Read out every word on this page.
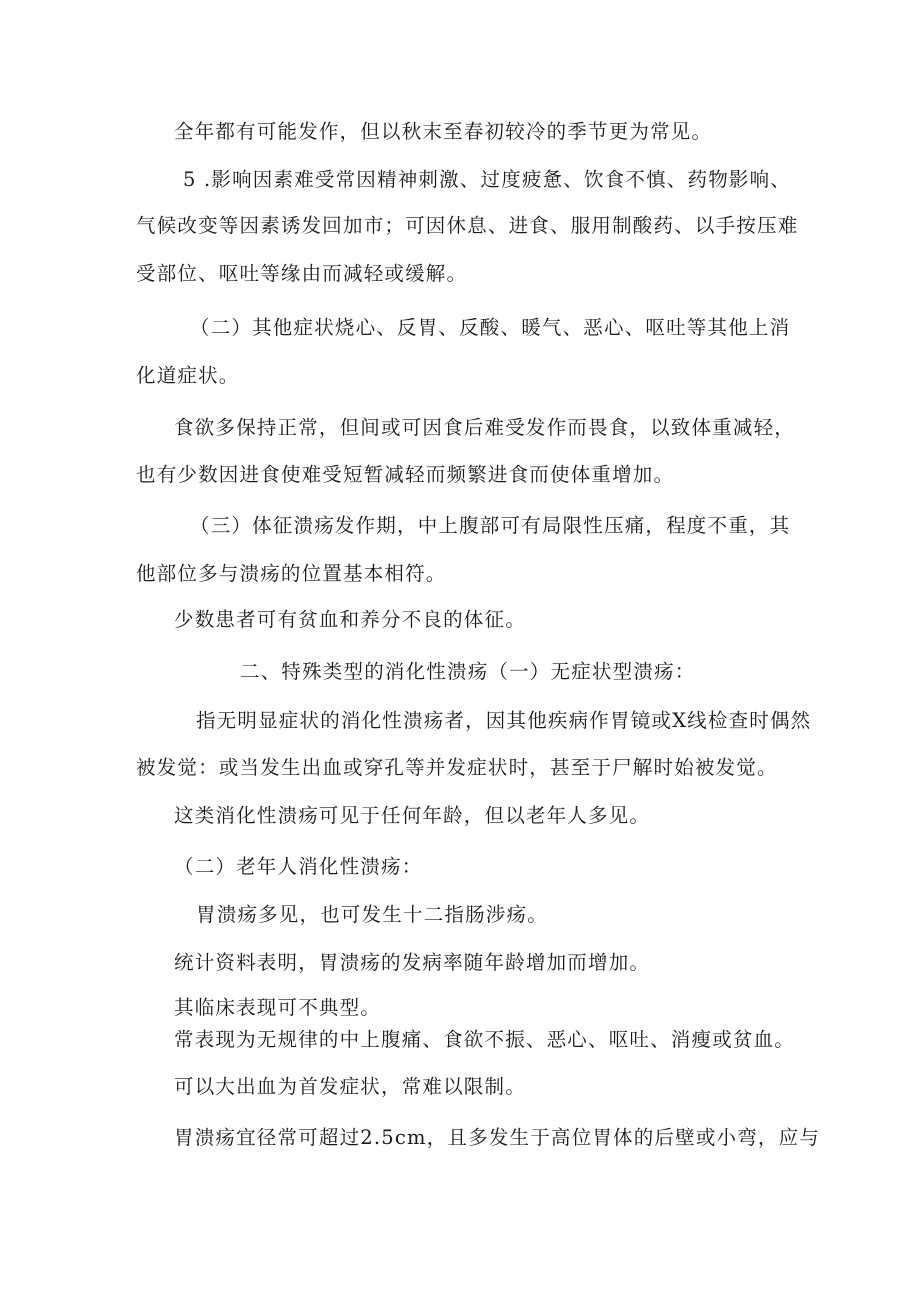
全年都有可能发作，但以秋末至春初较冷的季节更为常见。
5 .影响因素难受常因精神刺激、过度疲惫、饮食不慎、药物影响、
气候改变等因素诱发回加市；可因休息、进食、服用制酸药、以手按压难
受部位、呕吐等缘由而减轻或缓解。
（二）其他症状烧心、反胃、反酸、暖气、恶心、呕吐等其他上消
化道症状。
食欲多保持正常，但间或可因食后难受发作而畏食，以致体重减轻，
也有少数因进食使难受短暂减轻而频繁进食而使体重增加。
（三）体征溃疡发作期，中上腹部可有局限性压痛，程度不重，其
他部位多与溃疡的位置基本相符。
少数患者可有贫血和养分不良的体征。
二、特殊类型的消化性溃疡（一）无症状型溃疡：
指无明显症状的消化性溃疡者，因其他疾病作胃镜或X线检查时偶然
被发觉：或当发生出血或穿孔等并发症状时，甚至于尸解时始被发觉。
这类消化性溃疡可见于任何年龄，但以老年人多见。
（二）老年人消化性溃疡：
胃溃疡多见，也可发生十二指肠涉疡。
统计资料表明，胃溃疡的发病率随年龄增加而增加。
其临床表现可不典型。
常表现为无规律的中上腹痛、食欲不振、恶心、呕吐、消瘦或贫血。
可以大出血为首发症状，常难以限制。
胃溃疡宜径常可超过2.5cm，且多发生于高位胃体的后壁或小弯，应与
